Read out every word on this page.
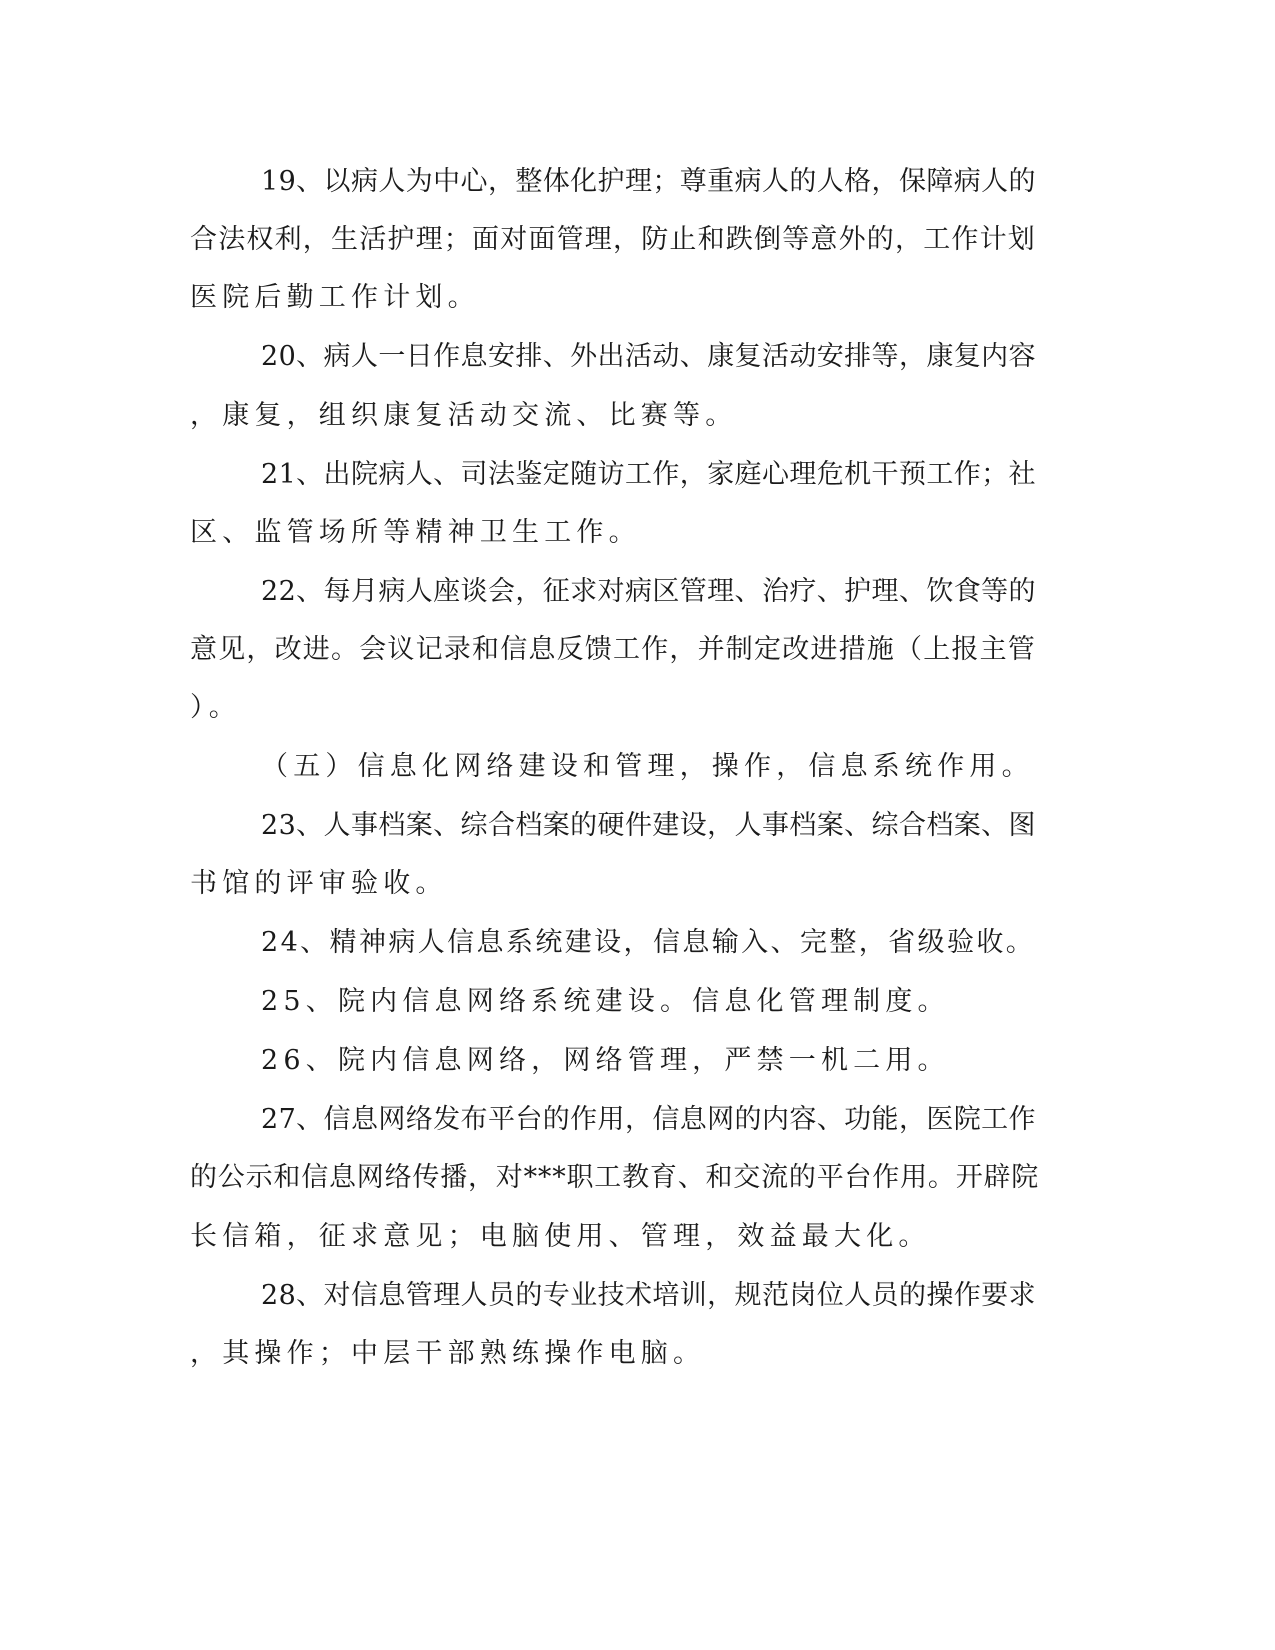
19、以病人为中心，整体化护理；尊重病人的人格，保障病人的
合法权利，生活护理；面对面管理，防止和跌倒等意外的，工作计划
医院后勤工作计划。
20、病人一日作息安排、外出活动、康复活动安排等，康复内容
，康复，组织康复活动交流、比赛等。
21、出院病人、司法鉴定随访工作，家庭心理危机干预工作；社
区、监管场所等精神卫生工作。
22、每月病人座谈会，征求对病区管理、治疗、护理、饮食等的
意见，改进。会议记录和信息反馈工作，并制定改进措施（上报主管
）。
（五）信息化网络建设和管理，操作，信息系统作用。
23、人事档案、综合档案的硬件建设，人事档案、综合档案、图
书馆的评审验收。
24、精神病人信息系统建设，信息输入、完整，省级验收。
25、院内信息网络系统建设。信息化管理制度。
26、院内信息网络，网络管理，严禁一机二用。
27、信息网络发布平台的作用，信息网的内容、功能，医院工作
的公示和信息网络传播，对***职工教育、和交流的平台作用。开辟院
长信箱，征求意见；电脑使用、管理，效益最大化。
28、对信息管理人员的专业技术培训，规范岗位人员的操作要求
，其操作；中层干部熟练操作电脑。
